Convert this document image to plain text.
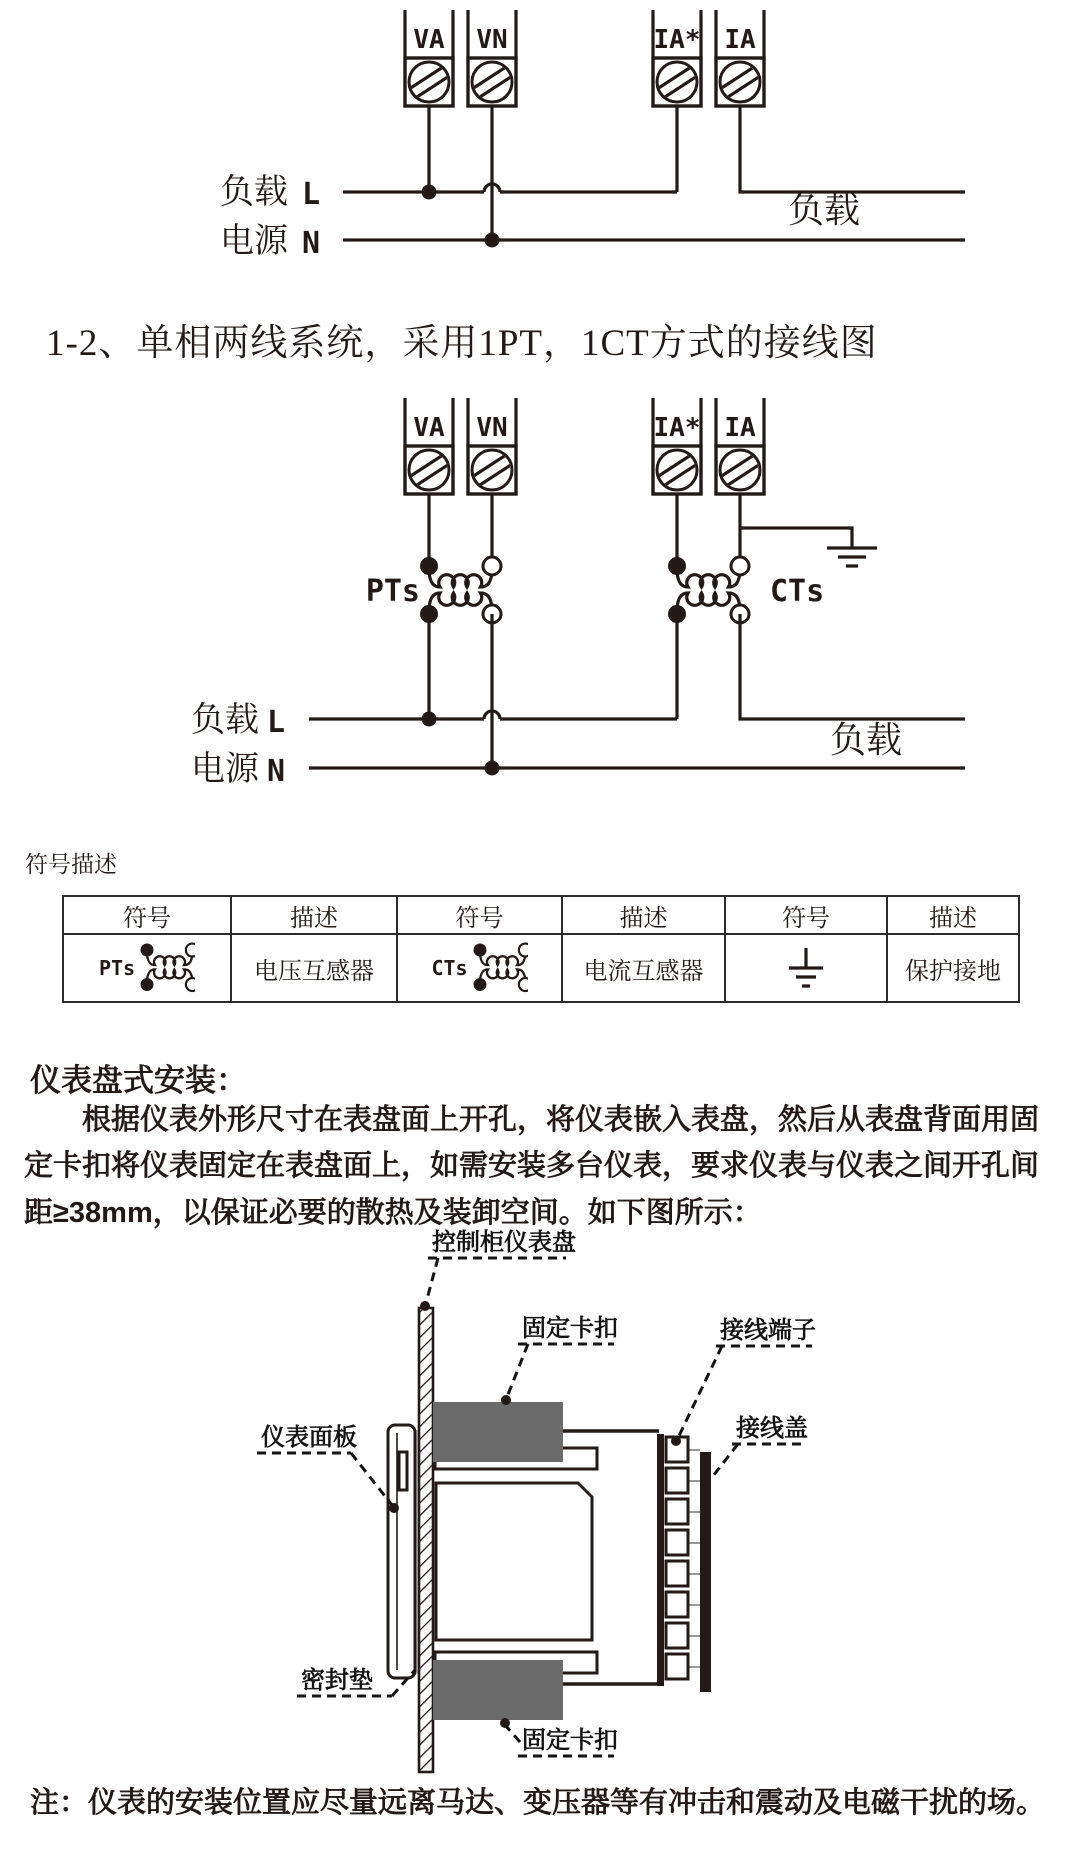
VA VN	IA* IA
负载 L
电源 N
负载
1-2、单相两线系统，采用1PT，1CT方式的接线图
VA VN	IA* IA
PTs	CTs
负载 L
电源 N
负载
符号描述
符号	描述	符号	描述	符号	描述

PTs	电压互感器	CTs	电流互感器		保护接地
仪表盘式安装：
根据仪表外形尺寸在表盘面上开孔，将仪表嵌入表盘，然后从表盘背面用固定卡扣将仪表固定在表盘面上，如需安装多台仪表，要求仪表与仪表之间开孔间距≥38mm，以保证必要的散热及装卸空间。如下图所示：
控制柜仪表盘
固定卡扣	接线端子
接线盖
仪表面板
密封垫
固定卡扣
注：仪表的安装位置应尽量远离马达、变压器等有冲击和震动及电磁干扰的场。
